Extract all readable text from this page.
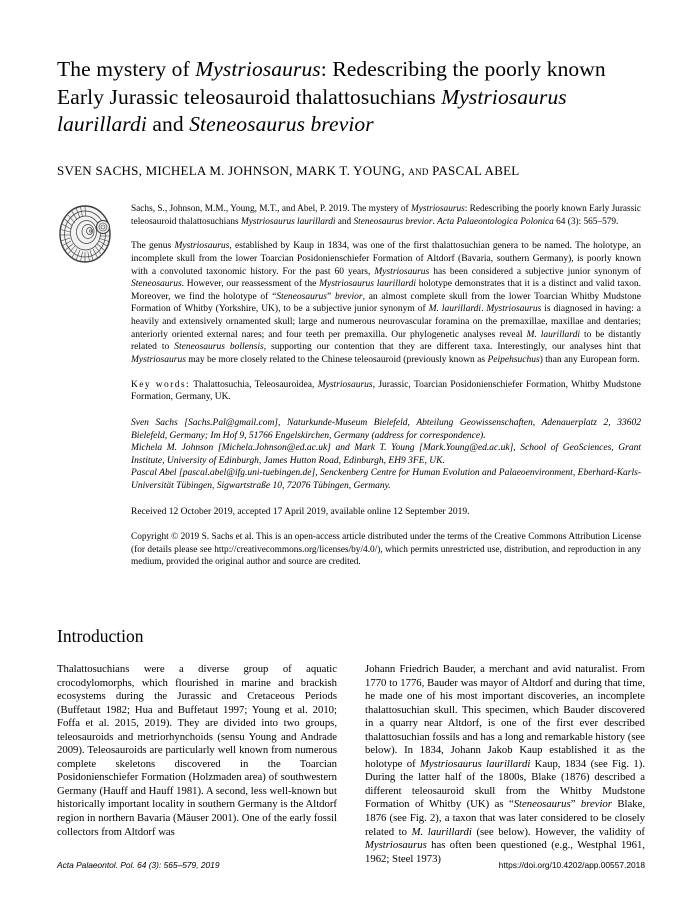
The mystery of Mystriosaurus: Redescribing the poorly known Early Jurassic teleosauroid thalattosuchians Mystriosaurus laurillardi and Steneosaurus brevior
SVEN SACHS, MICHELA M. JOHNSON, MARK T. YOUNG, and PASCAL ABEL
Sachs, S., Johnson, M.M., Young, M.T., and Abel, P. 2019. The mystery of Mystriosaurus: Redescribing the poorly known Early Jurassic teleosauroid thalattosuchians Mystriosaurus laurillardi and Steneosaurus brevior. Acta Palaeontologica Polonica 64 (3): 565–579.
The genus Mystriosaurus, established by Kaup in 1834, was one of the first thalattosuchian genera to be named. The holotype, an incomplete skull from the lower Toarcian Posidonienschiefer Formation of Altdorf (Bavaria, southern Germany), is poorly known with a convoluted taxonomic history. For the past 60 years, Mystriosaurus has been considered a subjective junior synonym of Steneosaurus. However, our reassessment of the Mystriosaurus laurillardi holotype demonstrates that it is a distinct and valid taxon. Moreover, we find the holotype of “Steneosaurus” brevior, an almost complete skull from the lower Toarcian Whitby Mudstone Formation of Whitby (Yorkshire, UK), to be a subjective junior synonym of M. laurillardi. Mystriosaurus is diagnosed in having: a heavily and extensively ornamented skull; large and numerous neurovascular foramina on the premaxillae, maxillae and dentaries; anteriorly oriented external nares; and four teeth per premaxilla. Our phylogenetic analyses reveal M. laurillardi to be distantly related to Steneosaurus bollensis, supporting our contention that they are different taxa. Interestingly, our analyses hint that Mystriosaurus may be more closely related to the Chinese teleosauroid (previously known as Peipehsuchus) than any European form.
Key words: Thalattosuchia, Teleosauroidea, Mystriosaurus, Jurassic, Toarcian Posidonienschiefer Formation, Whitby Mudstone Formation, Germany, UK.
Sven Sachs [Sachs.Pal@gmail.com], Naturkunde-Museum Bielefeld, Abteilung Geowissenschaften, Adenauerplatz 2, 33602 Bielefeld, Germany; Im Hof 9, 51766 Engelskirchen, Germany (address for correspondence).
Michela M. Johnson [Michela.Johnson@ed.ac.uk] and Mark T. Young [Mark.Young@ed.ac.uk], School of GeoSciences, Grant Institute, University of Edinburgh, James Hutton Road, Edinburgh, EH9 3FE, UK.
Pascal Abel [pascal.abel@ifg.uni-tuebingen.de], Senckenberg Centre for Human Evolution and Palaeoenvironment, Eberhard-Karls-Universität Tübingen, Sigwartstraße 10, 72076 Tübingen, Germany.
Received 12 October 2019, accepted 17 April 2019, available online 12 September 2019.
Copyright © 2019 S. Sachs et al. This is an open-access article distributed under the terms of the Creative Commons Attribution License (for details please see http://creativecommons.org/licenses/by/4.0/), which permits unrestricted use, distribution, and reproduction in any medium, provided the original author and source are credited.
Introduction

Thalattosuchians were a diverse group of aquatic crocodylomorphs, which flourished in marine and brackish ecosystems during the Jurassic and Cretaceous Periods (Buffetaut 1982; Hua and Buffetaut 1997; Young et al. 2010; Foffa et al. 2015, 2019). They are divided into two groups, teleosauroids and metriorhynchoids (sensu Young and Andrade 2009). Teleosauroids are particularly well known from numerous complete skeletons discovered in the Toarcian Posidonienschiefer Formation (Holzmaden area) of southwestern Germany (Hauff and Hauff 1981). A second, less well-known but historically important locality in southern Germany is the Altdorf region in northern Bavaria (Mäuser 2001). One of the early fossil collectors from Altdorf was

Johann Friedrich Bauder, a merchant and avid naturalist. From 1770 to 1776, Bauder was mayor of Altdorf and during that time, he made one of his most important discoveries, an incomplete thalattosuchian skull. This specimen, which Bauder discovered in a quarry near Altdorf, is one of the first ever described thalattosuchian fossils and has a long and remarkable history (see below). In 1834, Johann Jakob Kaup established it as the holotype of Mystriosaurus laurillardi Kaup, 1834 (see Fig. 1). During the latter half of the 1800s, Blake (1876) described a different teleosauroid skull from the Whitby Mudstone Formation of Whitby (UK) as “Steneosaurus” brevior Blake, 1876 (see Fig. 2), a taxon that was later considered to be closely related to M. laurillardi (see below). However, the validity of Mystriosaurus has often been questioned (e.g., Westphal 1961, 1962; Steel 1973)

Acta Palaeontol. Pol. 64 (3): 565–579, 2019	https://doi.org/10.4202/app.00557.2018
